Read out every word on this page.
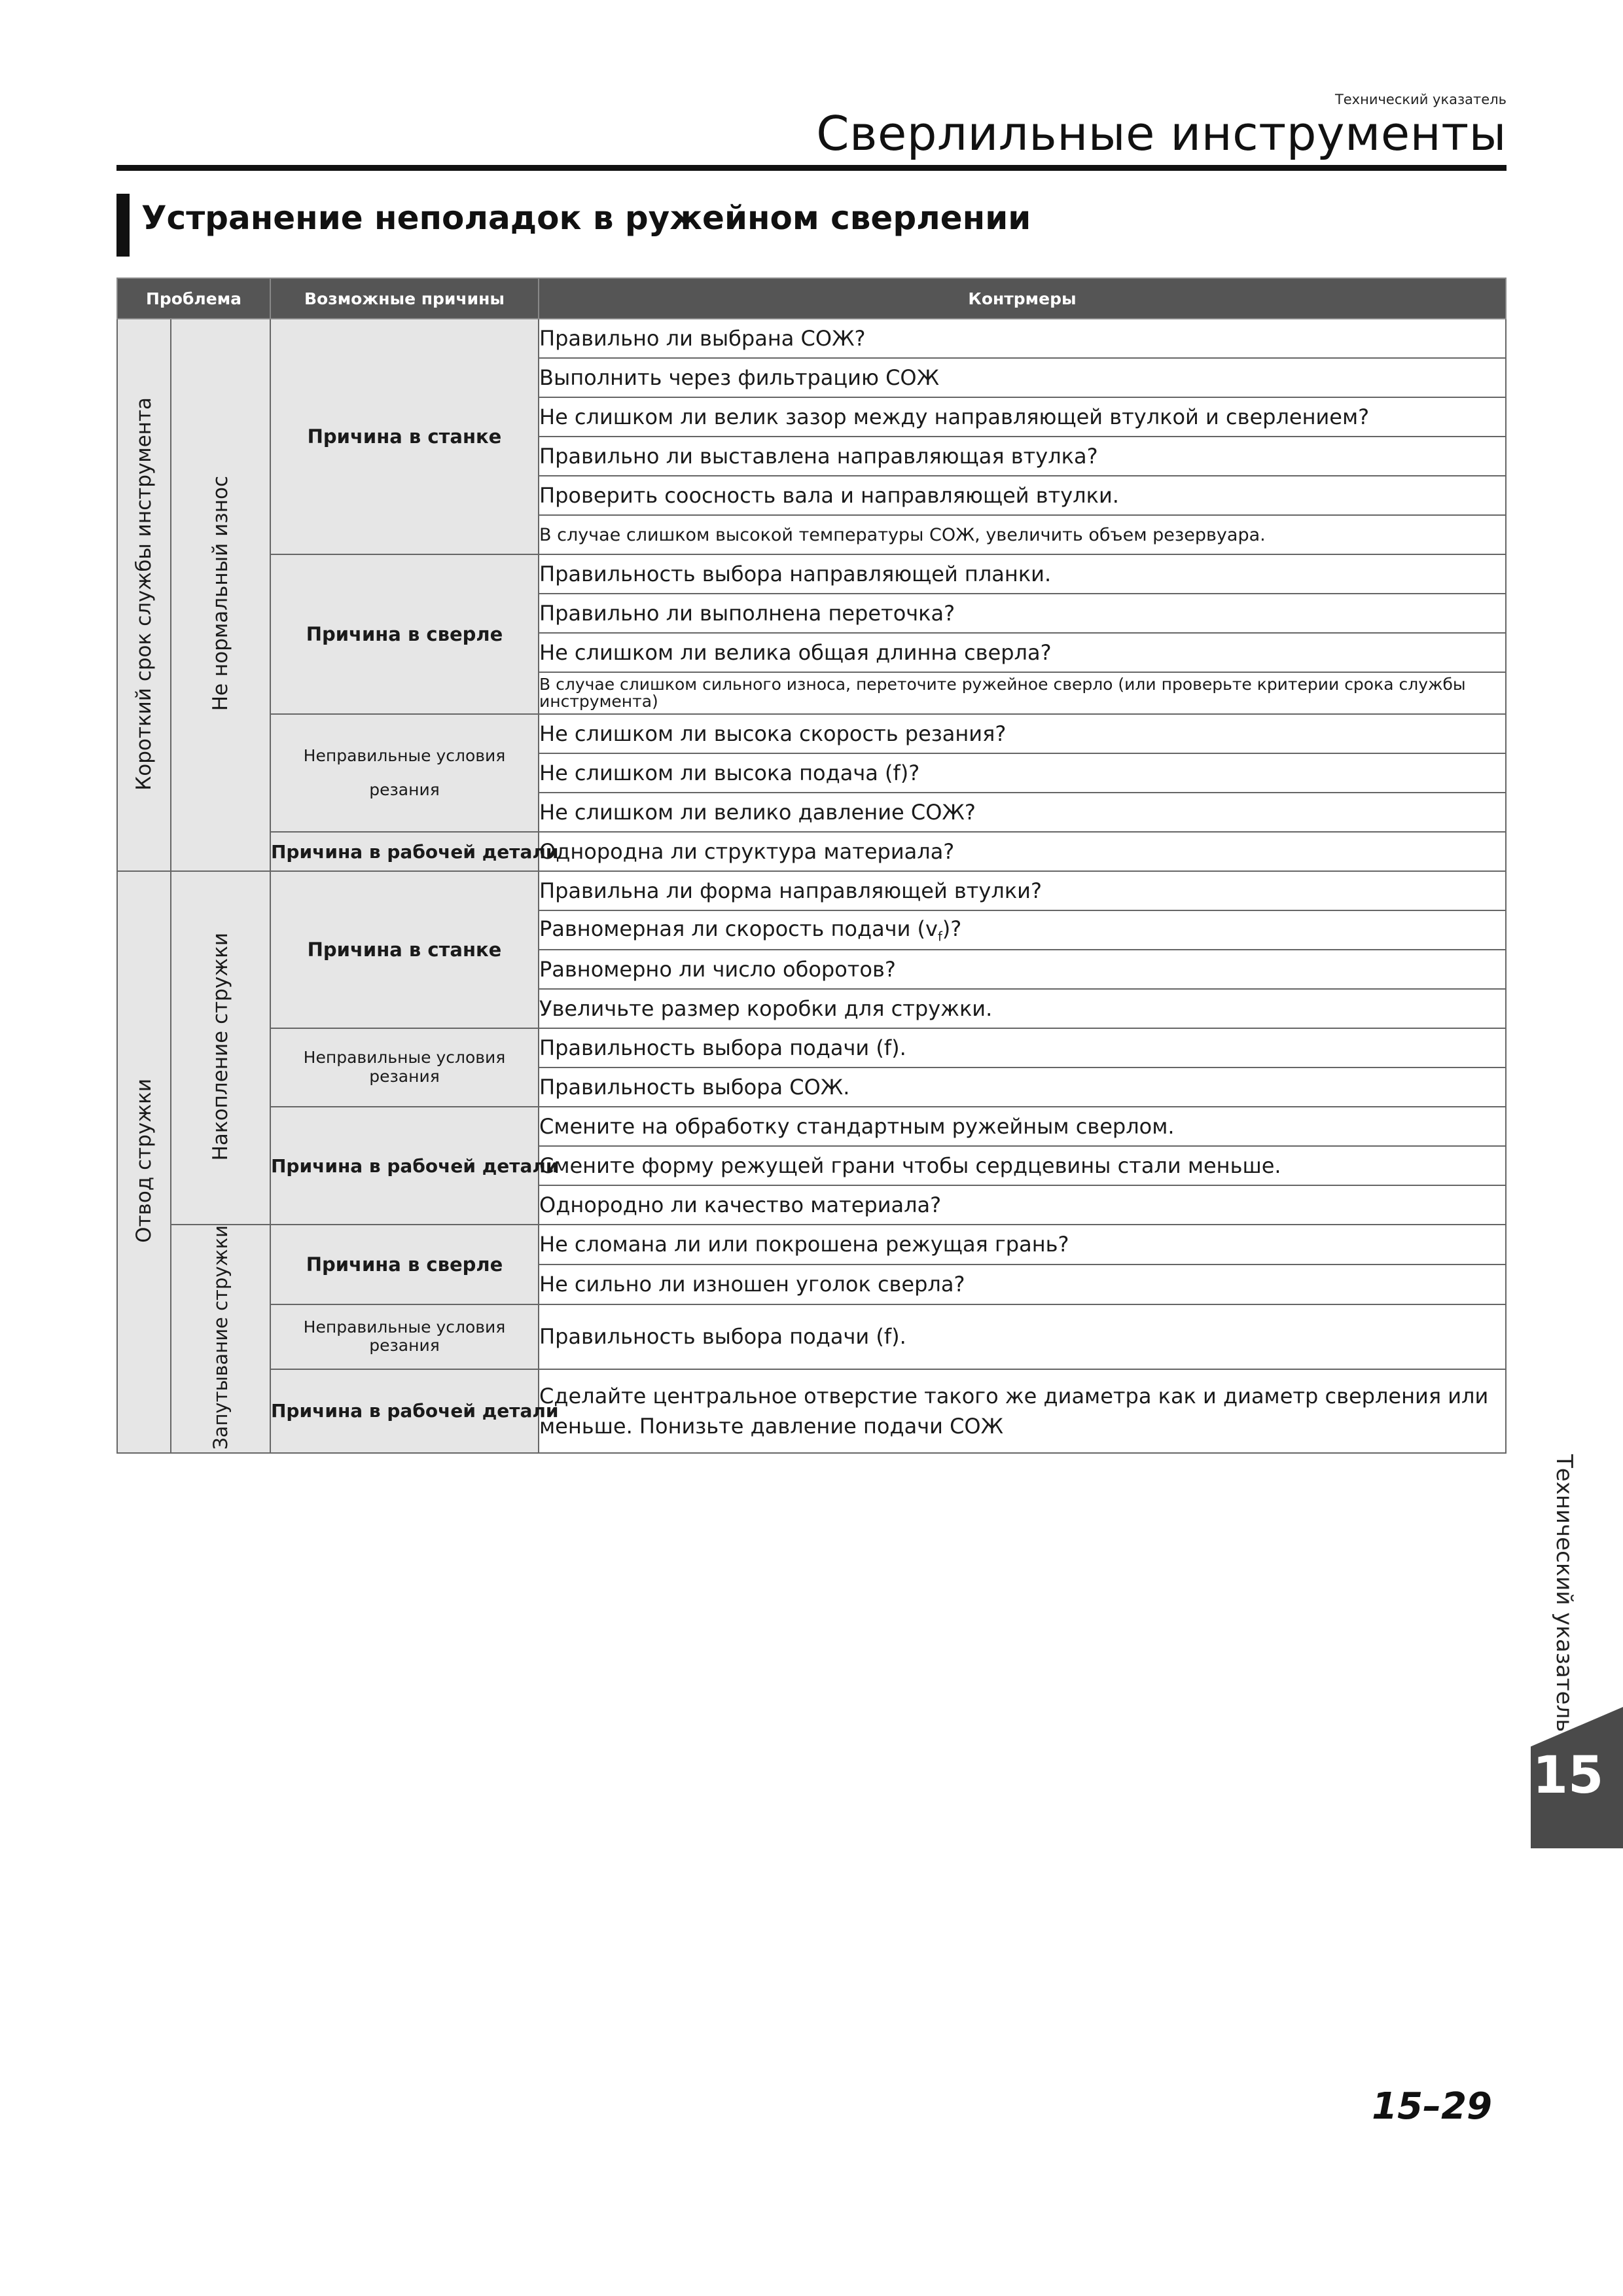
Технический указатель
Сверлильные инструменты
Устранение неполадок в ружейном сверлении
Проблема		Возможные причины	Контрмеры
Короткий срок службы инструмента	Не нормальный износ	Причина в станке	Правильно ли выбрана СОЖ?
			Выполнить через фильтрацию СОЖ
			Не слишком ли велик зазор между направляющей втулкой и сверлением?
			Правильно ли выставлена направляющая втулка?
			Проверить соосность вала и направляющей втулки.
			В случае слишком высокой температуры СОЖ, увеличить объем резервуара.
		Причина в сверле	Правильность выбора направляющей планки.
			Правильно ли выполнена переточка?
			Не слишком ли велика общая длинна сверла?
			В случае слишком сильного износа, переточите ружейное сверло (или проверьте критерии срока службы инструмента)
		Неправильные условия резания	Не слишком ли высока скорость резания?
			Не слишком ли высока подача (f)?
			Не слишком ли велико давление СОЖ?
		Причина в рабочей детали	Однородна ли структура материала?
Отвод стружки	Накопление стружки	Причина в станке	Правильна ли форма направляющей втулки?
			Равномерная ли скорость подачи $(v_f)$?
			Равномерно ли число оборотов?
			Увеличьте размер коробки для стружки.
		Неправильные условия резания	Правильность выбора подачи (f).
			Правильность выбора СОЖ.
		Причина в рабочей детали	Смените на обработку стандартным ружейным сверлом.
			Смените форму режущей грани чтобы сердцевины стали меньше.
			Однородно ли качество материала?
	Запутывание стружки	Причина в сверле	Не сломана ли или покрошена режущая грань?
			Не сильно ли изношен уголок сверла?
		Неправильные условия резания	Правильность выбора подачи (f).
		Причина в рабочей детали	Сделайте центральное отверстие такого же диаметра как и диаметр сверления или меньше. Понизьте давление подачи СОЖ
Технический указатель
15
15–29
